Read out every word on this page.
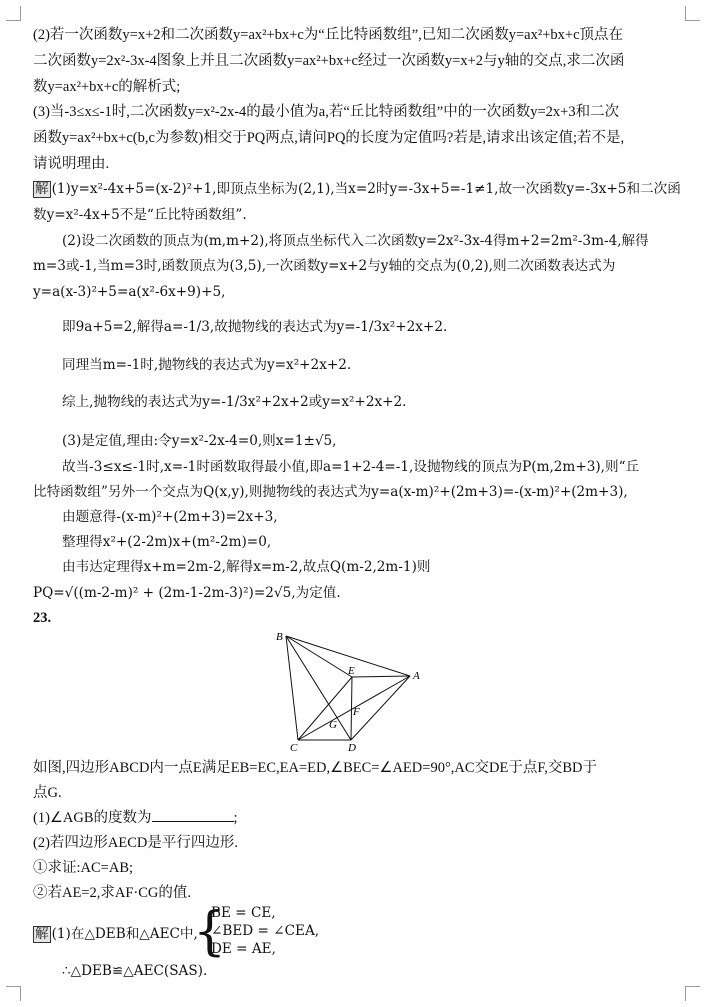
(2)若一次函数y=x+2和二次函数y=ax²+bx+c为“丘比特函数组”,已知二次函数y=ax²+bx+c顶点在
二次函数y=2x²-3x-4图象上并且二次函数y=ax²+bx+c经过一次函数y=x+2与y轴的交点,求二次函
数y=ax²+bx+c的解析式;
(3)当-3≤x≤-1时,二次函数y=x²-2x-4的最小值为a,若“丘比特函数组”中的一次函数y=2x+3和二次
函数y=ax²+bx+c(b,c为参数)相交于PQ两点,请问PQ的长度为定值吗?若是,请求出该定值;若不是,
请说明理由.
解 (1)y=x²-4x+5=(x-2)²+1,即顶点坐标为(2,1),当x=2时y=-3x+5=-1≠1,故一次函数y=-3x+5和二次函
数y=x²-4x+5不是“丘比特函数组”.
(2)设二次函数的顶点为(m,m+2),将顶点坐标代入二次函数y=2x²-3x-4得m+2=2m²-3m-4,解得
m=3或-1,当m=3时,函数顶点为(3,5),一次函数y=x+2与y轴的交点为(0,2),则二次函数表达式为
y=a(x-3)²+5=a(x²-6x+9)+5,
即9a+5=2,解得a=-1/3,故抛物线的表达式为y=-1/3x²+2x+2.
同理当m=-1时,抛物线的表达式为y=x²+2x+2.
综上,抛物线的表达式为y=-1/3x²+2x+2或y=x²+2x+2.
(3)是定值,理由:令y=x²-2x-4=0,则x=1±√5,
故当-3≤x≤-1时,x=-1时函数取得最小值,即a=1+2-4=-1,设抛物线的顶点为P(m,2m+3),则“丘
比特函数组”另外一个交点为Q(x,y),则抛物线的表达式为y=a(x-m)²+(2m+3)=-(x-m)²+(2m+3),
由题意得-(x-m)²+(2m+3)=2x+3,
整理得x²+(2-2m)x+(m²-2m)=0,
由韦达定理得x+m=2m-2,解得x=m-2,故点Q(m-2,2m-1)则
PQ=√((m-2-m)² + (2m-1-2m-3)²)=2√5,为定值.
23.
B
A
E
F
G
C	D
如图,四边形ABCD内一点E满足EB=EC,EA=ED,∠BEC=∠AED=90°,AC交DE于点F,交BD于
点G.
(1)∠AGB的度数为	;
(2)若四边形AECD是平行四边形.
①求证:AC=AB;
②若AE=2,求AF·CG的值.
解 (1)在△DEB和△AEC中,
{
BE = CE,
∠BED = ∠CEA,
DE = AE,
∴△DEB≌△AEC(SAS).
